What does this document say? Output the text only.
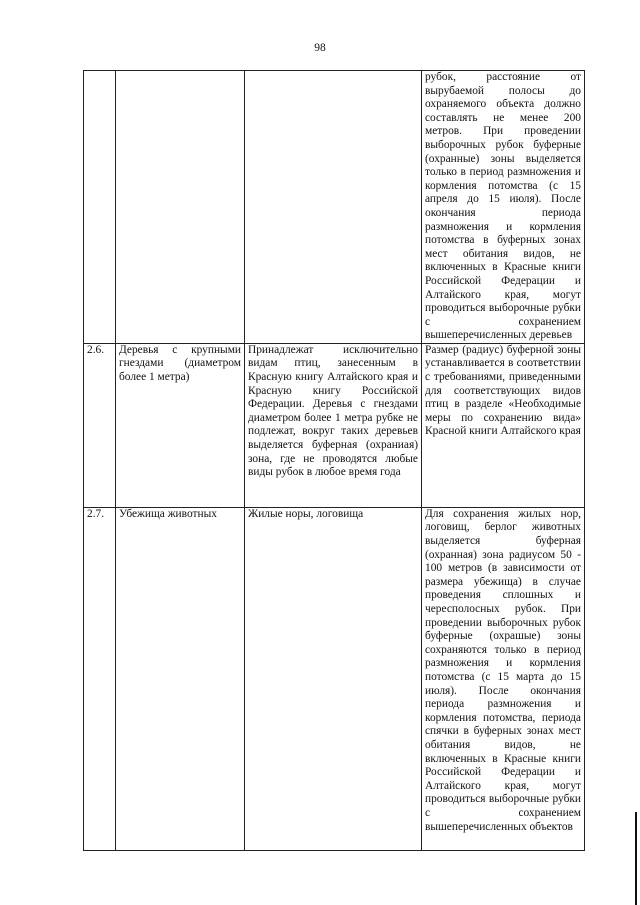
98
			рубок, расстояние от вырубаемой полосы до охраняемого объекта должно составлять не менее 200 метров. При проведении выборочных рубок буферные (охранные) зоны выделяется только в период размножения и кормления потомства (с 15 апреля до 15 июля). После окончания периода размножения и кормления потомства в буферных зонах мест обитания видов, не включенных в Красные книги Российской Федерации и Алтайского края, могут проводиться выборочные рубки с сохранением вышеперечисленных деревьев
2.6.	Деревья с крупными гнездами (диаметром более 1 метра)	Принадлежат исключительно видам птиц, занесенным в Красную книгу Алтайского края и Красную книгу Российской Федерации. Деревья с гнездами диаметром более 1 метра рубке не подлежат, вокруг таких деревьев выделяется буферная (охраниая) зона, где не проводятся любые виды рубок в любое время года	Размер (радиус) буферной зоны устанавливается в соответствии с требованиями, приведенными для соответствующих видов птиц в разделе «Необходимые меры по сохранению вида» Красной книги Алтайского края
2.7.	Убежища животных	Жилые норы, логовища	Для сохранения жилых нор, логовищ, берлог животных выделяется буферная (охранная) зона радиусом 50 - 100 метров (в зависимости от размера убежища) в случае проведения сплошных и чересполосных рубок. При проведении выборочных рубок буферные (охрашые) зоны сохраняются только в период размножения и кормления потомства (с 15 марта до 15 июля). После окончания периода размножения и кормления потомства, периода спячки в буферных зонах мест обитания видов, не включенных в Красные книги Российской Федерации и Алтайского края, могут проводиться выборочные рубки с сохранением вышеперечисленных объектов
